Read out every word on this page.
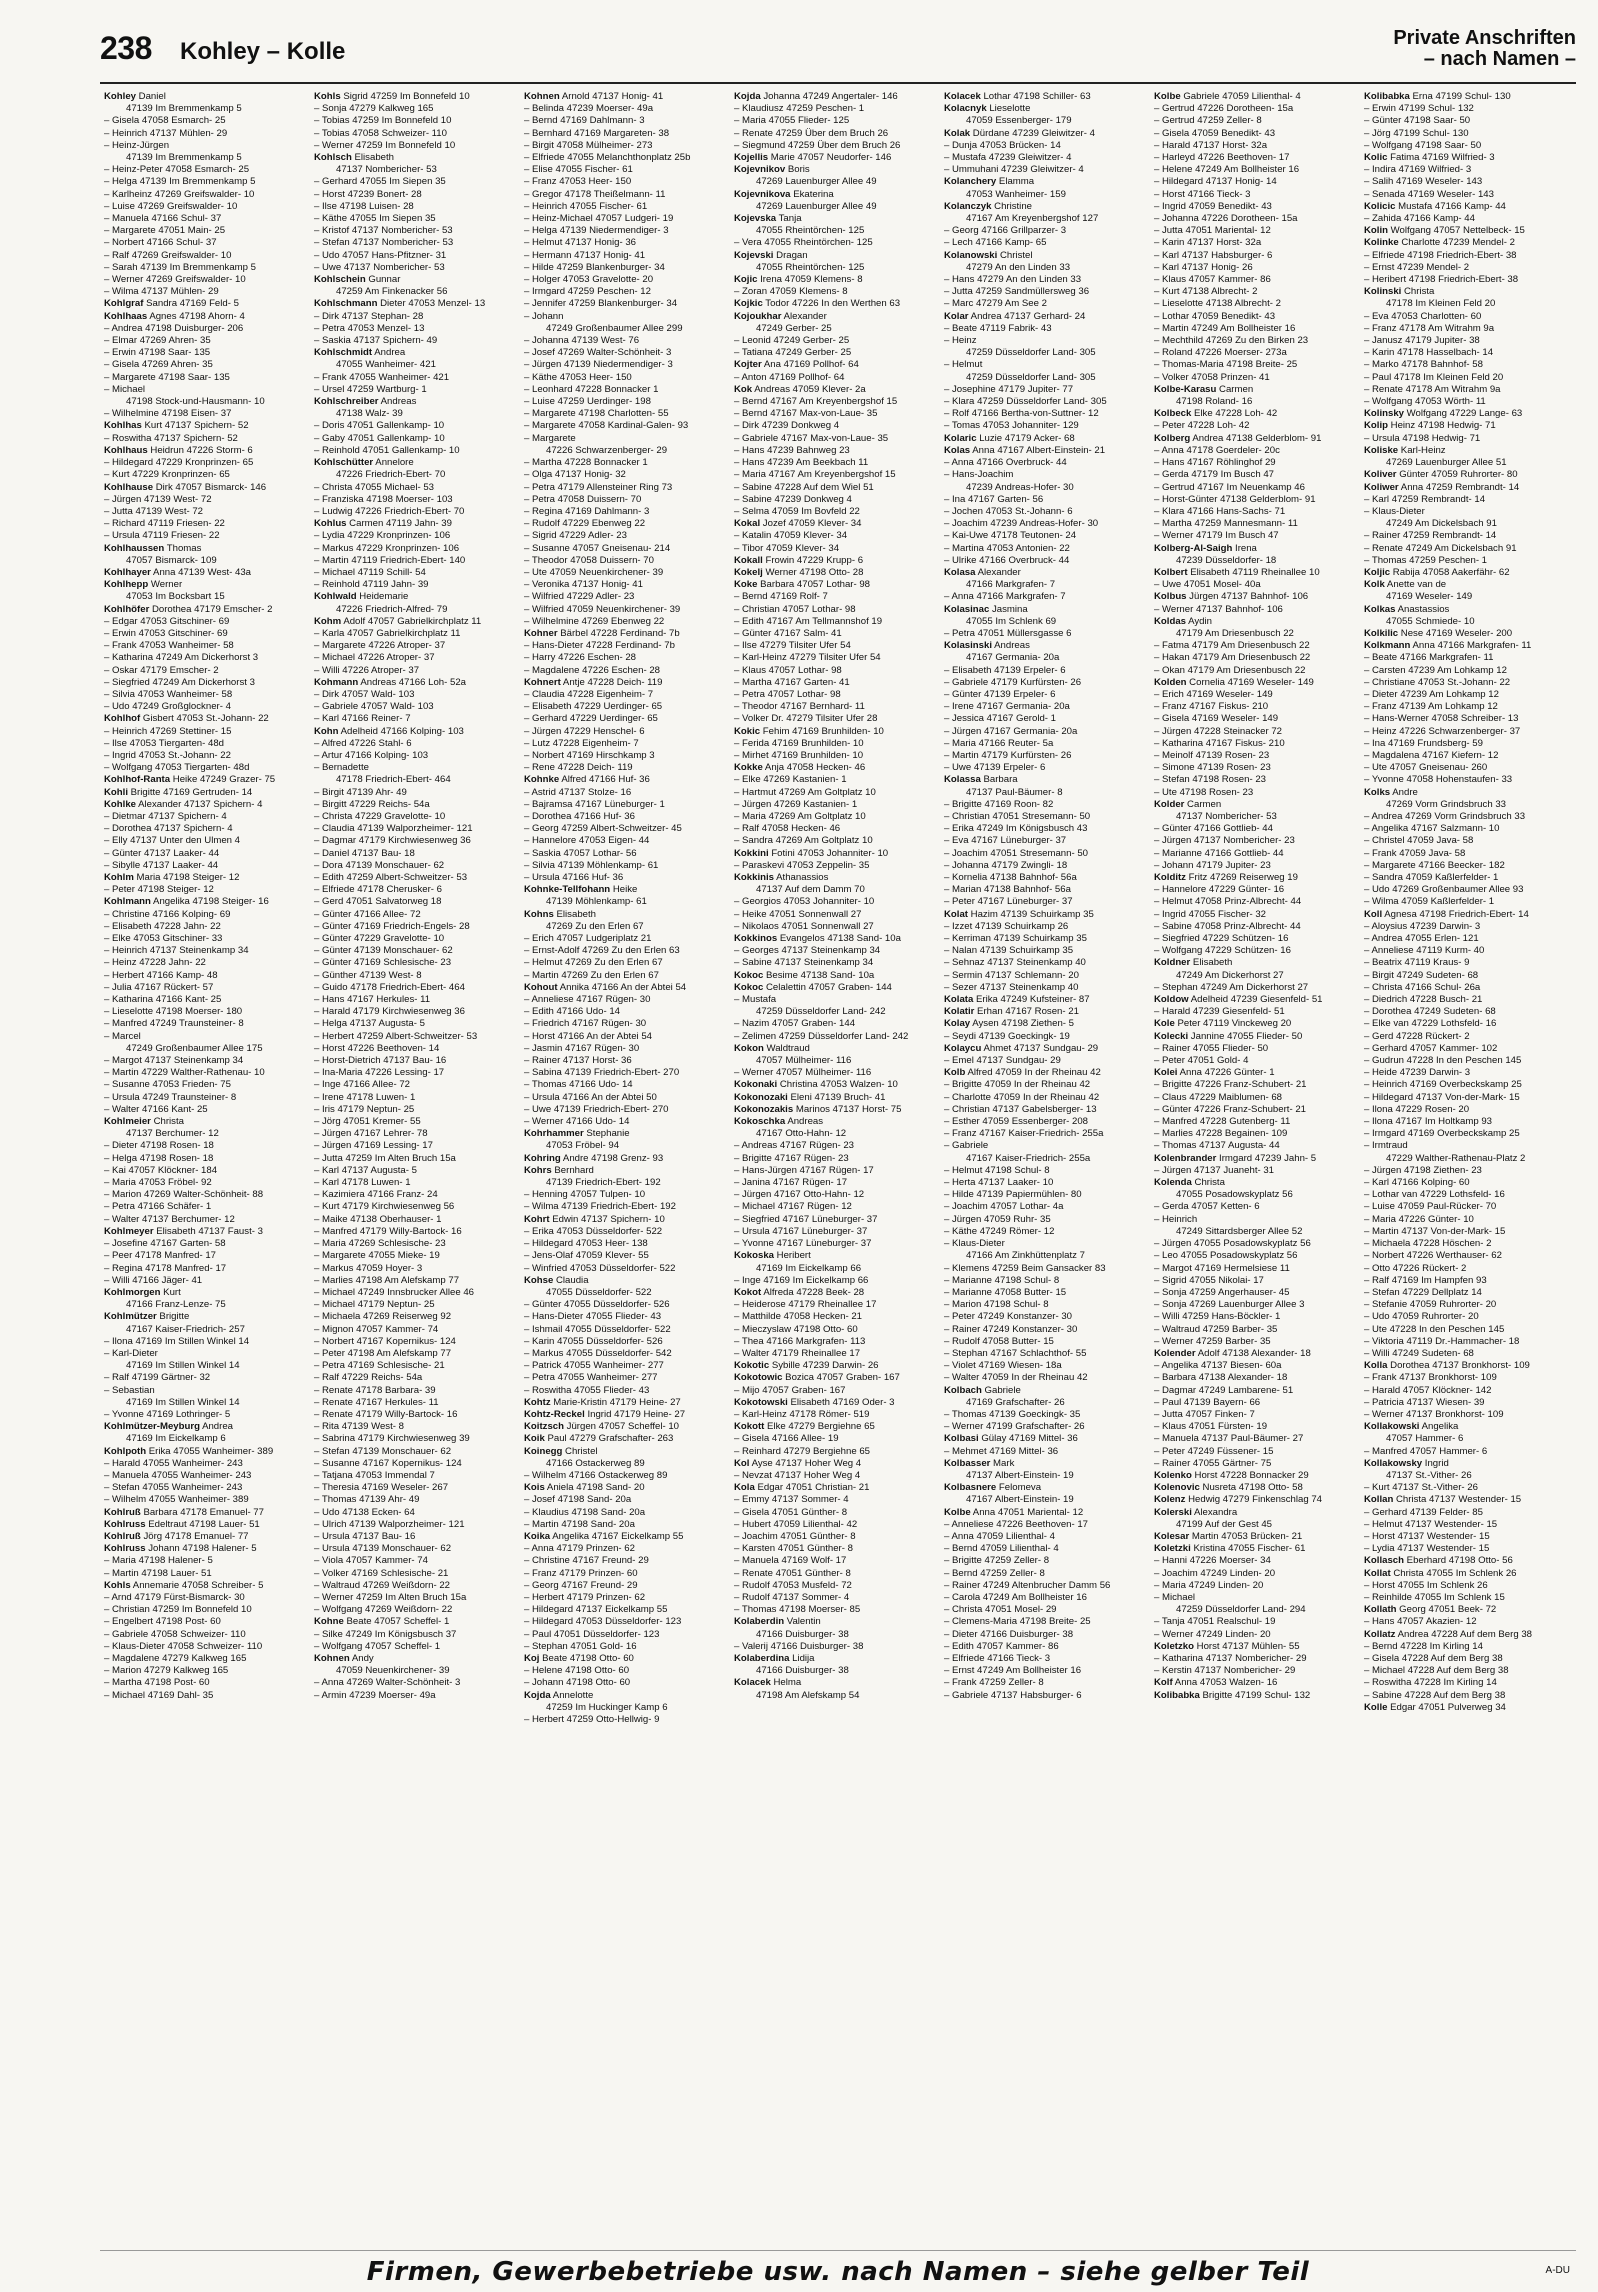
238 Kohley – Kolle	Private Anschriften
– nach Namen –
Kohley Daniel
47139 Im Bremmenkamp 5
– Gisela 47058 Esmarch- 25
– Heinrich 47137 Mühlen- 29
– Heinz-Jürgen
47139 Im Bremmenkamp 5
– Heinz-Peter 47058 Esmarch- 25
– Helga 47139 Im Bremmenkamp 5
– Karlheinz 47269 Greifswalder- 10
– Luise 47269 Greifswalder- 10
– Manuela 47166 Schul- 37
– Margarete 47051 Main- 25
– Norbert 47166 Schul- 37
– Ralf 47269 Greifswalder- 10
– Sarah 47139 Im Bremmenkamp 5
– Werner 47269 Greifswalder- 10
– Wilma 47137 Mühlen- 29
Kohlgraf Sandra 47169 Feld- 5
Kohlhaas Agnes 47198 Ahorn- 4
– Andrea 47198 Duisburger- 206
– Elmar 47269 Ahren- 35
– Erwin 47198 Saar- 135
– Gisela 47269 Ahren- 35
– Margarete 47198 Saar- 135
– Michael
47198 Stock-und-Hausmann- 10
– Wilhelmine 47198 Eisen- 37
Kohlhas Kurt 47137 Spichern- 52
– Roswitha 47137 Spichern- 52
Kohlhaus Heidrun 47226 Storm- 6
– Hildegard 47229 Kronprinzen- 65
– Kurt 47229 Kronprinzen- 65
Kohlhause Dirk 47057 Bismarck- 146
– Jürgen 47139 West- 72
– Jutta 47139 West- 72
– Richard 47119 Friesen- 22
– Ursula 47119 Friesen- 22
Kohlhaussen Thomas
47057 Bismarck- 109
Kohlhayer Anna 47139 West- 43a
Kohlhepp Werner
47053 Im Bocksbart 15
Kohlhöfer Dorothea 47179 Emscher- 2
– Edgar 47053 Gitschiner- 69
– Erwin 47053 Gitschiner- 69
– Frank 47053 Wanheimer- 58
– Katharina 47249 Am Dickerhorst 3
– Oskar 47179 Emscher- 2
– Siegfried 47249 Am Dickerhorst 3
– Silvia 47053 Wanheimer- 58
– Udo 47249 Großglockner- 4
Kohlhof Gisbert 47053 St.-Johann- 22
– Heinrich 47269 Stettiner- 15
– Ilse 47053 Tiergarten- 48d
– Ingrid 47053 St.-Johann- 22
– Wolfgang 47053 Tiergarten- 48d
Kohlhof-Ranta Heike 47249 Grazer- 75
Kohli Brigitte 47169 Gertruden- 14
Kohlke Alexander 47137 Spichern- 4
– Dietmar 47137 Spichern- 4
– Dorothea 47137 Spichern- 4
– Elly 47137 Unter den Ulmen 4
– Günter 47137 Laaker- 44
– Sibylle 47137 Laaker- 44
Kohlm Maria 47198 Steiger- 12
– Peter 47198 Steiger- 12
Kohlmann Angelika 47198 Steiger- 16
– Christine 47166 Kolping- 69
– Elisabeth 47228 Jahn- 22
– Elke 47053 Gitschiner- 33
– Heinrich 47137 Steinenkamp 34
– Heinz 47228 Jahn- 22
– Herbert 47166 Kamp- 48
– Julia 47167 Rückert- 57
– Katharina 47166 Kant- 25
– Lieselotte 47198 Moerser- 180
– Manfred 47249 Traunsteiner- 8
– Marcel
47249 Großenbaumer Allee 175
– Margot 47137 Steinenkamp 34
– Martin 47229 Walther-Rathenau- 10
– Susanne 47053 Frieden- 75
– Ursula 47249 Traunsteiner- 8
– Walter 47166 Kant- 25
Kohlmeier Christa
47137 Berchumer- 12
– Dieter 47198 Rosen- 18
– Helga 47198 Rosen- 18
– Kai 47057 Klöckner- 184
– Maria 47053 Fröbel- 92
– Marion 47269 Walter-Schönheit- 88
– Petra 47166 Schäfer- 1
– Walter 47137 Berchumer- 12
Kohlmeyer Elisabeth 47137 Faust- 3
– Josefine 47167 Garten- 58
– Peer 47178 Manfred- 17
– Regina 47178 Manfred- 17
– Willi 47166 Jäger- 41
Kohlmorgen Kurt
47166 Franz-Lenze- 75
Kohlmützer Brigitte
47167 Kaiser-Friedrich- 257
– Ilona 47169 Im Stillen Winkel 14
– Karl-Dieter
47169 Im Stillen Winkel 14
– Ralf 47199 Gärtner- 32
– Sebastian
47169 Im Stillen Winkel 14
– Yvonne 47169 Lothringer- 5
Kohlmützer-Meyburg Andrea
47169 Im Eickelkamp 6
Kohlpoth Erika 47055 Wanheimer- 389
– Harald 47055 Wanheimer- 243
– Manuela 47055 Wanheimer- 243
– Stefan 47055 Wanheimer- 243
– Wilhelm 47055 Wanheimer- 389
Kohlruß Barbara 47178 Emanuel- 77
Kohlruss Edeltraut 47198 Lauer- 51
Kohlruß Jörg 47178 Emanuel- 77
Kohlruss Johann 47198 Halener- 5
– Maria 47198 Halener- 5
– Martin 47198 Lauer- 51
Kohls Annemarie 47058 Schreiber- 5
– Arnd 47179 Fürst-Bismarck- 30
– Christian 47259 Im Bonnefeld 10
– Engelbert 47198 Post- 60
– Gabriele 47058 Schweizer- 110
– Klaus-Dieter 47058 Schweizer- 110
– Magdalene 47279 Kalkweg 165
– Marion 47279 Kalkweg 165
– Martha 47198 Post- 60
– Michael 47169 Dahl- 35
Kohls Sigrid 47259 Im Bonnefeld 10
– Sonja 47279 Kalkweg 165
– Tobias 47259 Im Bonnefeld 10
– Tobias 47058 Schweizer- 110
– Werner 47259 Im Bonnefeld 10
Kohlsch Elisabeth
47137 Nombericher- 53
– Gerhard 47055 Im Siepen 35
– Horst 47239 Bonert- 28
– Ilse 47198 Luisen- 28
– Käthe 47055 Im Siepen 35
– Kristof 47137 Nombericher- 53
– Stefan 47137 Nombericher- 53
– Udo 47057 Hans-Pfitzner- 31
– Uwe 47137 Nombericher- 53
Kohlschein Gunnar
47259 Am Finkenacker 56
Kohlschmann Dieter 47053 Menzel- 13
– Dirk 47137 Stephan- 28
– Petra 47053 Menzel- 13
– Saskia 47137 Spichern- 49
Kohlschmidt Andrea
47055 Wanheimer- 421
– Frank 47055 Wanheimer- 421
– Ursel 47259 Wartburg- 1
Kohlschreiber Andreas
47138 Walz- 39
– Doris 47051 Gallenkamp- 10
– Gaby 47051 Gallenkamp- 10
– Reinhold 47051 Gallenkamp- 10
Kohlschütter Annelore
47226 Friedrich-Ebert- 70
– Christa 47055 Michael- 53
– Franziska 47198 Moerser- 103
– Ludwig 47226 Friedrich-Ebert- 70
Kohlus Carmen 47119 Jahn- 39
– Lydia 47229 Kronprinzen- 106
– Markus 47229 Kronprinzen- 106
– Martin 47119 Friedrich-Ebert- 140
– Michael 47119 Schill- 54
– Reinhold 47119 Jahn- 39
Kohlwald Heidemarie
47226 Friedrich-Alfred- 79
Kohm Adolf 47057 Gabrielkirchplatz 11
– Karla 47057 Gabrielkirchplatz 11
– Margarete 47226 Atroper- 37
– Michael 47226 Atroper- 37
– Willi 47226 Atroper- 37
Kohmann Andreas 47166 Loh- 52a
– Dirk 47057 Wald- 103
– Gabriele 47057 Wald- 103
– Karl 47166 Reiner- 7
Kohn Adelheid 47166 Kolping- 103
– Alfred 47226 Stahl- 6
– Artur 47166 Kolping- 103
– Bernadette
47178 Friedrich-Ebert- 464
– Birgit 47139 Ahr- 49
– Birgitt 47229 Reichs- 54a
– Christa 47229 Gravelotte- 10
– Claudia 47139 Walporzheimer- 121
– Dagmar 47179 Kirchwiesenweg 36
– Daniel 47137 Bau- 18
– Dora 47139 Monschauer- 62
– Edith 47259 Albert-Schweitzer- 53
– Elfriede 47178 Cherusker- 6
– Gerd 47051 Salvatorweg 18
– Günter 47166 Allee- 72
– Günter 47169 Friedrich-Engels- 28
– Günter 47229 Gravelotte- 10
– Günter 47139 Monschauer- 62
– Günter 47169 Schlesische- 23
– Günther 47139 West- 8
– Guido 47178 Friedrich-Ebert- 464
– Hans 47167 Herkules- 11
– Harald 47179 Kirchwiesenweg 36
– Helga 47137 Augusta- 5
– Herbert 47259 Albert-Schweitzer- 53
– Horst 47226 Beethoven- 14
– Horst-Dietrich 47137 Bau- 16
– Ina-Maria 47226 Lessing- 17
– Inge 47166 Allee- 72
– Irene 47178 Luwen- 1
– Iris 47179 Neptun- 25
– Jörg 47051 Kremer- 55
– Jürgen 47167 Lehrer- 78
– Jürgen 47169 Lessing- 17
– Jutta 47259 Im Alten Bruch 15a
– Karl 47137 Augusta- 5
– Karl 47178 Luwen- 1
– Kazimiera 47166 Franz- 24
– Kurt 47179 Kirchwiesenweg 56
– Maike 47138 Oberhauser- 1
– Manfred 47179 Willy-Bartock- 16
– Maria 47269 Schlesische- 23
– Margarete 47055 Mieke- 19
– Markus 47059 Hoyer- 3
– Marlies 47198 Am Alefskamp 77
– Michael 47249 Innsbrucker Allee 46
– Michael 47179 Neptun- 25
– Michaela 47269 Reiserweg 92
– Mignon 47057 Kammer- 74
– Norbert 47167 Kopernikus- 124
– Peter 47198 Am Alefskamp 77
– Petra 47169 Schlesische- 21
– Ralf 47229 Reichs- 54a
– Renate 47178 Barbara- 39
– Renate 47167 Herkules- 11
– Renate 47179 Willy-Bartock- 16
– Rita 47139 West- 8
– Sabrina 47179 Kirchwiesenweg 39
– Stefan 47139 Monschauer- 62
– Susanne 47167 Kopernikus- 124
– Tatjana 47053 Immendal 7
– Theresia 47169 Weseler- 267
– Thomas 47139 Ahr- 49
– Udo 47138 Ecken- 64
– Ulrich 47139 Walporzheimer- 121
– Ursula 47137 Bau- 16
– Ursula 47139 Monschauer- 62
– Viola 47057 Kammer- 74
– Volker 47169 Schlesische- 21
– Waltraud 47269 Weißdorn- 22
– Werner 47259 Im Alten Bruch 15a
– Wolfgang 47269 Weißdorn- 22
Kohne Beate 47057 Scheffel- 1
– Silke 47249 Im Königsbusch 37
– Wolfgang 47057 Scheffel- 1
Kohnen Andy
47059 Neuenkirchener- 39
– Anna 47269 Walter-Schönheit- 3
– Armin 47239 Moerser- 49a
Kohnen Arnold 47137 Honig- 41
– Belinda 47239 Moerser- 49a
– Bernd 47169 Dahlmann- 3
– Bernhard 47169 Margareten- 38
– Birgit 47058 Mülheimer- 273
– Elfriede 47055 Melanchthonplatz 25b
– Elise 47055 Fischer- 61
– Franz 47053 Heer- 150
– Gregor 47178 Theißelmann- 11
– Heinrich 47055 Fischer- 61
– Heinz-Michael 47057 Ludgeri- 19
– Helga 47139 Niedermendiger- 3
– Helmut 47137 Honig- 36
– Hermann 47137 Honig- 41
– Hilde 47259 Blankenburger- 34
– Holger 47053 Gravelotte- 20
– Irmgard 47259 Peschen- 12
– Jennifer 47259 Blankenburger- 34
– Johann
47249 Großenbaumer Allee 299
– Johanna 47139 West- 76
– Josef 47269 Walter-Schönheit- 3
– Jürgen 47139 Niedermendiger- 3
– Käthe 47053 Heer- 150
– Leonhard 47228 Bonnacker 1
– Luise 47259 Uerdinger- 198
– Margarete 47198 Charlotten- 55
– Margarete 47058 Kardinal-Galen- 93
– Margarete
47226 Schwarzenberger- 29
– Martha 47228 Bonnacker 1
– Olga 47137 Honig- 32
– Petra 47179 Allensteiner Ring 73
– Petra 47058 Duissern- 70
– Regina 47169 Dahlmann- 3
– Rudolf 47229 Ebenweg 22
– Sigrid 47229 Adler- 23
– Susanne 47057 Gneisenau- 214
– Theodor 47058 Duissern- 70
– Ute 47059 Neuenkirchener- 39
– Veronika 47137 Honig- 41
– Wilfried 47229 Adler- 23
– Wilfried 47059 Neuenkirchener- 39
– Wilhelmine 47269 Ebenweg 22
Kohner Bärbel 47228 Ferdinand- 7b
– Hans-Dieter 47228 Ferdinand- 7b
– Harry 47226 Eschen- 28
– Magdalene 47226 Eschen- 28
Kohnert Antje 47228 Deich- 119
– Claudia 47228 Eigenheim- 7
– Elisabeth 47229 Uerdinger- 65
– Gerhard 47229 Uerdinger- 65
– Jürgen 47229 Henschel- 6
– Lutz 47228 Eigenheim- 7
– Norbert 47169 Hirschkamp 3
– Rene 47228 Deich- 119
Kohnke Alfred 47166 Huf- 36
– Astrid 47137 Stolze- 16
– Bajramsa 47167 Lüneburger- 1
– Dorothea 47166 Huf- 36
– Georg 47259 Albert-Schweitzer- 45
– Hannelore 47053 Eigen- 44
– Saskia 47057 Lothar- 56
– Silvia 47139 Möhlenkamp- 61
– Ursula 47166 Huf- 36
Kohnke-Tellfohann Heike
47139 Möhlenkamp- 61
Kohns Elisabeth
47269 Zu den Erlen 67
– Erich 47057 Ludgeriplatz 21
– Ernst-Adolf 47269 Zu den Erlen 63
– Helmut 47269 Zu den Erlen 67
– Martin 47269 Zu den Erlen 67
Kohout Annika 47166 An der Abtei 54
– Anneliese 47167 Rügen- 30
– Edith 47166 Udo- 14
– Friedrich 47167 Rügen- 30
– Horst 47166 An der Abtei 54
– Jasmin 47167 Rügen- 30
– Rainer 47137 Horst- 36
– Sabina 47139 Friedrich-Ebert- 270
– Thomas 47166 Udo- 14
– Ursula 47166 An der Abtei 50
– Uwe 47139 Friedrich-Ebert- 270
– Werner 47166 Udo- 14
Kohrhammer Stephanie
47053 Fröbel- 94
Kohring Andre 47198 Grenz- 93
Kohrs Bernhard
47139 Friedrich-Ebert- 192
– Henning 47057 Tulpen- 10
– Wilma 47139 Friedrich-Ebert- 192
Kohrt Edwin 47137 Spichern- 10
– Erika 47053 Düsseldorfer- 522
– Hildegard 47053 Heer- 138
– Jens-Olaf 47059 Klever- 55
– Winfried 47053 Düsseldorfer- 522
Kohse Claudia
47055 Düsseldorfer- 522
– Günter 47055 Düsseldorfer- 526
– Hans-Dieter 47055 Flieder- 43
– Ishmail 47055 Düsseldorfer- 522
– Karin 47055 Düsseldorfer- 526
– Markus 47055 Düsseldorfer- 542
– Patrick 47055 Wanheimer- 277
– Petra 47055 Wanheimer- 277
– Roswitha 47055 Flieder- 43
Kohtz Marie-Kristin 47179 Heine- 27
Kohtz-Reckel Ingrid 47179 Heine- 27
Koitzsch Jürgen 47057 Scheffel- 10
Koik Paul 47279 Grafschafter- 263
Koinegg Christel
47166 Ostackerweg 89
– Wilhelm 47166 Ostackerweg 89
Kois Aniela 47198 Sand- 20
– Josef 47198 Sand- 20a
– Klaudius 47198 Sand- 20a
– Martin 47198 Sand- 20a
Koika Angelika 47167 Eickelkamp 55
– Anna 47179 Prinzen- 62
– Christine 47167 Freund- 29
– Franz 47179 Prinzen- 60
– Georg 47167 Freund- 29
– Herbert 47179 Prinzen- 62
– Hildegard 47137 Eickelkamp 55
– Hildegard 47053 Düsseldorfer- 123
– Paul 47051 Düsseldorfer- 123
– Stephan 47051 Gold- 16
Koj Beate 47198 Otto- 60
– Helene 47198 Otto- 60
– Johann 47198 Otto- 60
Kojda Annelotte
47259 Im Huckinger Kamp 6
– Herbert 47259 Otto-Hellwig- 9
Kojda Johanna 47249 Angertaler- 146
– Klaudiusz 47259 Peschen- 1
– Maria 47055 Flieder- 125
– Renate 47259 Über dem Bruch 26
– Siegmund 47259 Über dem Bruch 26
Kojellis Marie 47057 Neudorfer- 146
Kojevnikov Boris
47269 Lauenburger Allee 49
Kojevnikova Ekaterina
47269 Lauenburger Allee 49
Kojevska Tanja
47055 Rheintörchen- 125
– Vera 47055 Rheintörchen- 125
Kojevski Dragan
47055 Rheintörchen- 125
Kojic Irena 47059 Klemens- 8
– Zoran 47059 Klemens- 8
Kojkic Todor 47226 In den Werthen 63
Kojoukhar Alexander
47249 Gerber- 25
– Leonid 47249 Gerber- 25
– Tatiana 47249 Gerber- 25
Kojter Ana 47169 Pollhof- 64
– Anton 47169 Pollhof- 64
Kok Andreas 47059 Klever- 2a
– Bernd 47167 Am Kreyenbergshof 15
– Bernd 47167 Max-von-Laue- 35
– Dirk 47239 Donkweg 4
– Gabriele 47167 Max-von-Laue- 35
– Hans 47239 Bahnweg 23
– Hans 47239 Am Beekbach 11
– Maria 47167 Am Kreyenbergshof 15
– Sabine 47228 Auf dem Wiel 51
– Sabine 47239 Donkweg 4
– Selma 47059 Im Bovfeld 22
Kokal Jozef 47059 Klever- 34
– Katalin 47059 Klever- 34
– Tibor 47059 Klever- 34
Kokall Frowin 47229 Krupp- 6
Kokelj Werner 47198 Otto- 28
Koke Barbara 47057 Lothar- 98
– Bernd 47169 Rolf- 7
– Christian 47057 Lothar- 98
– Edith 47167 Am Tellmannshof 19
– Günter 47167 Salm- 41
– Ilse 47279 Tilsiter Ufer 54
– Karl-Heinz 47279 Tilsiter Ufer 54
– Klaus 47057 Lothar- 98
– Martha 47167 Garten- 41
– Petra 47057 Lothar- 98
– Theodor 47167 Bernhard- 11
– Volker Dr. 47279 Tilsiter Ufer 28
Kokic Fehim 47169 Brunhilden- 10
– Ferida 47169 Brunhilden- 10
– Mirhet 47169 Brunhilden- 10
Kokke Anja 47058 Hecken- 46
– Elke 47269 Kastanien- 1
– Hartmut 47269 Am Goltplatz 10
– Jürgen 47269 Kastanien- 1
– Maria 47269 Am Goltplatz 10
– Ralf 47058 Hecken- 46
– Sandra 47269 Am Goltplatz 10
Kokkini Fotini 47053 Johanniter- 10
– Paraskevi 47053 Zeppelin- 35
Kokkinis Athanassios
47137 Auf dem Damm 70
– Georgios 47053 Johanniter- 10
– Heike 47051 Sonnenwall 27
– Nikolaos 47051 Sonnenwall 27
Kokkinos Evangelos 47138 Sand- 10a
– Georges 47137 Steinenkamp 34
– Sabine 47137 Steinenkamp 34
Kokoc Besime 47138 Sand- 10a
Kokoc Celalettin 47057 Graben- 144
– Mustafa
47259 Düsseldorfer Land- 242
– Nazim 47057 Graben- 144
– Zelimen 47259 Düsseldorfer Land- 242
Kokon Waldtraud
47057 Mülheimer- 116
– Werner 47057 Mülheimer- 116
Kokonaki Christina 47053 Walzen- 10
Kokonozaki Eleni 47139 Bruch- 41
Kokonozakis Marinos 47137 Horst- 75
Kokoschka Andreas
47167 Otto-Hahn- 12
– Andreas 47167 Rügen- 23
– Brigitte 47167 Rügen- 23
– Hans-Jürgen 47167 Rügen- 17
– Janina 47167 Rügen- 17
– Jürgen 47167 Otto-Hahn- 12
– Michael 47167 Rügen- 12
– Siegfried 47167 Lüneburger- 37
– Ursula 47167 Lüneburger- 37
– Yvonne 47167 Lüneburger- 37
Kokoska Heribert
47169 Im Eickelkamp 66
– Inge 47169 Im Eickelkamp 66
Kokot Alfreda 47228 Beek- 28
– Heiderose 47179 Rheinallee 17
– Matthilde 47058 Hecken- 21
– Mieczyslaw 47198 Otto- 60
– Thea 47166 Markgrafen- 113
– Walter 47179 Rheinallee 17
Kokotic Sybille 47239 Darwin- 26
Kokotowic Bozica 47057 Graben- 167
– Mijo 47057 Graben- 167
Kokotowski Elisabeth 47169 Oder- 3
– Karl-Heinz 47178 Römer- 519
Kokott Elke 47279 Bergiehne 65
– Gisela 47166 Allee- 19
– Reinhard 47279 Bergiehne 65
Kol Ayse 47137 Hoher Weg 4
– Nevzat 47137 Hoher Weg 4
Kola Edgar 47051 Christian- 21
– Emmy 47137 Sommer- 4
– Gisela 47051 Günther- 8
– Hubert 47059 Lilienthal- 42
– Joachim 47051 Günther- 8
– Karsten 47051 Günther- 8
– Manuela 47169 Wolf- 17
– Renate 47051 Günther- 8
– Rudolf 47053 Musfeld- 72
– Rudolf 47137 Sommer- 4
– Thomas 47198 Moerser- 85
Kolaberdin Valentin
47166 Duisburger- 38
– Valerij 47166 Duisburger- 38
Kolaberdina Lidija
47166 Duisburger- 38
Kolacek Helma
47198 Am Alefskamp 54
Kolacek Lothar 47198 Schiller- 63
Kolacnyk Lieselotte
47059 Essenberger- 179
Kolak Dürdane 47239 Gleiwitzer- 4
– Dunja 47053 Brücken- 14
– Mustafa 47239 Gleiwitzer- 4
– Ummuhani 47239 Gleiwitzer- 4
Kolanchery Elamma
47053 Wanheimer- 159
Kolanczyk Christine
47167 Am Kreyenbergshof 127
– Georg 47166 Grillparzer- 3
– Lech 47166 Kamp- 65
Kolanowski Christel
47279 An den Linden 33
– Hans 47279 An den Linden 33
– Jutta 47259 Sandmüllersweg 36
– Marc 47279 Am See 2
Kolar Andrea 47137 Gerhard- 24
– Beate 47119 Fabrik- 43
– Heinz
47259 Düsseldorfer Land- 305
– Helmut
47259 Düsseldorfer Land- 305
– Josephine 47179 Jupiter- 77
– Klara 47259 Düsseldorfer Land- 305
– Rolf 47166 Bertha-von-Suttner- 12
– Tomas 47053 Johanniter- 129
Kolaric Luzie 47179 Acker- 68
Kolas Anna 47167 Albert-Einstein- 21
– Anna 47166 Overbruck- 44
– Hans-Joachim
47239 Andreas-Hofer- 30
– Ina 47167 Garten- 56
– Jochen 47053 St.-Johann- 6
– Joachim 47239 Andreas-Hofer- 30
– Kai-Uwe 47178 Teutonen- 24
– Martina 47053 Antonien- 22
– Ulrike 47166 Overbruck- 44
Kolasa Alexander
47166 Markgrafen- 7
– Anna 47166 Markgrafen- 7
Kolasinac Jasmina
47055 Im Schlenk 69
– Petra 47051 Müllersgasse 6
Kolasinski Andreas
47167 Germania- 20a
– Elisabeth 47139 Erpeler- 6
– Gabriele 47179 Kurfürsten- 26
– Günter 47139 Erpeler- 6
– Irene 47167 Germania- 20a
– Jessica 47167 Gerold- 1
– Jürgen 47167 Germania- 20a
– Maria 47166 Reuter- 5a
– Martin 47179 Kurfürsten- 26
– Uwe 47139 Erpeler- 6
Kolassa Barbara
47137 Paul-Bäumer- 8
– Brigitte 47169 Roon- 82
– Christian 47051 Stresemann- 50
– Erika 47249 Im Königsbusch 43
– Eva 47167 Lüneburger- 37
– Joachim 47051 Stresemann- 50
– Johanna 47179 Zwingli- 18
– Kornelia 47138 Bahnhof- 56a
– Marian 47138 Bahnhof- 56a
– Peter 47167 Lüneburger- 37
Kolat Hazim 47139 Schuirkamp 35
– Izzet 47139 Schuirkamp 26
– Kerriman 47139 Schuirkamp 35
– Nalan 47139 Schuirkamp 35
– Sehnaz 47137 Steinenkamp 40
– Sermin 47137 Schlemann- 20
– Sezer 47137 Steinenkamp 40
Kolata Erika 47249 Kufsteiner- 87
Kolatir Erhan 47167 Rosen- 21
Kolay Aysen 47198 Ziethen- 5
– Seydi 47139 Goeckingk- 19
Kolaycu Ahmet 47137 Sundgau- 29
– Emel 47137 Sundgau- 29
Kolb Alfred 47059 In der Rheinau 42
– Brigitte 47059 In der Rheinau 42
– Charlotte 47059 In der Rheinau 42
– Christian 47137 Gabelsberger- 13
– Esther 47059 Essenberger- 208
– Franz 47167 Kaiser-Friedrich- 255a
– Gabriele
47167 Kaiser-Friedrich- 255a
– Helmut 47198 Schul- 8
– Herta 47137 Laaker- 10
– Hilde 47139 Papiermühlen- 80
– Joachim 47057 Lothar- 4a
– Jürgen 47059 Ruhr- 35
– Käthe 47249 Römer- 12
– Klaus-Dieter
47166 Am Zinkhüttenplatz 7
– Klemens 47259 Beim Gansacker 83
– Marianne 47198 Schul- 8
– Marianne 47058 Butter- 15
– Marion 47198 Schul- 8
– Peter 47249 Konstanzer- 30
– Rainer 47249 Konstanzer- 30
– Rudolf 47058 Butter- 15
– Stephan 47167 Schlachthof- 55
– Violet 47169 Wiesen- 18a
– Walter 47059 In der Rheinau 42
Kolbach Gabriele
47169 Grafschafter- 26
– Thomas 47139 Goeckingk- 35
– Werner 47199 Grafschafter- 26
Kolbasi Gülay 47169 Mittel- 36
– Mehmet 47169 Mittel- 36
Kolbasser Mark
47137 Albert-Einstein- 19
Kolbasnere Felomeva
47167 Albert-Einstein- 19
Kolbe Anna 47051 Mariental- 12
– Anneliese 47226 Beethoven- 17
– Anna 47059 Lilienthal- 4
– Bernd 47059 Lilienthal- 4
– Brigitte 47259 Zeller- 8
– Bernd 47259 Zeller- 8
– Rainer 47249 Altenbrucher Damm 56
– Carola 47249 Am Bollheister 16
– Christa 47051 Mosel- 29
– Clemens-Maria 47198 Breite- 25
– Dieter 47166 Duisburger- 38
– Edith 47057 Kammer- 86
– Elfriede 47166 Tieck- 3
– Ernst 47249 Am Bollheister 16
– Frank 47259 Zeller- 8
– Gabriele 47137 Habsburger- 6
Kolbe Gabriele 47059 Lilienthal- 4
– Gertrud 47226 Dorotheen- 15a
– Gertrud 47259 Zeller- 8
– Gisela 47059 Benedikt- 43
– Harald 47137 Horst- 32a
– Harleyd 47226 Beethoven- 17
– Helene 47249 Am Bollheister 16
– Hildegard 47137 Honig- 14
– Horst 47166 Tieck- 3
– Ingrid 47059 Benedikt- 43
– Johanna 47226 Dorotheen- 15a
– Jutta 47051 Mariental- 12
– Karin 47137 Horst- 32a
– Karl 47137 Habsburger- 6
– Karl 47137 Honig- 26
– Klaus 47057 Kammer- 86
– Kurt 47138 Albrecht- 2
– Lieselotte 47138 Albrecht- 2
– Lothar 47059 Benedikt- 43
– Martin 47249 Am Bollheister 16
– Mechthild 47269 Zu den Birken 23
– Roland 47226 Moerser- 273a
– Thomas-Maria 47198 Breite- 25
– Volker 47058 Prinzen- 41
Kolbe-Karasu Carmen
47198 Roland- 16
Kolbeck Elke 47228 Loh- 42
– Peter 47228 Loh- 42
Kolberg Andrea 47138 Gelderblom- 91
– Anna 47178 Goerdeler- 20c
– Hans 47167 Röhlinghof 29
– Gerda 47179 Im Busch 47
– Gertrud 47167 Im Neuenkamp 46
– Horst-Günter 47138 Gelderblom- 91
– Klara 47166 Hans-Sachs- 71
– Martha 47259 Mannesmann- 11
– Werner 47179 Im Busch 47
Kolberg-Al-Saigh Irena
47239 Düsseldorfer- 18
Kolbert Elisabeth 47119 Rheinallee 10
– Uwe 47051 Mosel- 40a
Kolbus Jürgen 47137 Bahnhof- 106
– Werner 47137 Bahnhof- 106
Koldas Aydin
47179 Am Driesenbusch 22
– Fatma 47179 Am Driesenbusch 22
– Hakan 47179 Am Driesenbusch 22
– Okan 47179 Am Driesenbusch 22
Kolden Cornelia 47169 Weseler- 149
– Erich 47169 Weseler- 149
– Franz 47167 Fiskus- 210
– Gisela 47169 Weseler- 149
– Jürgen 47228 Steinacker 72
– Katharina 47167 Fiskus- 210
– Meinolf 47139 Rosen- 23
– Simone 47139 Rosen- 23
– Stefan 47198 Rosen- 23
– Ute 47198 Rosen- 23
Kolder Carmen
47137 Nombericher- 53
– Günter 47166 Gottlieb- 44
– Jürgen 47137 Nombericher- 23
– Marianne 47166 Gottlieb- 44
– Johann 47179 Jupiter- 23
Kolditz Fritz 47269 Reiserweg 19
– Hannelore 47229 Günter- 16
– Helmut 47058 Prinz-Albrecht- 44
– Ingrid 47055 Fischer- 32
– Sabine 47058 Prinz-Albrecht- 44
– Siegfried 47229 Schützen- 16
– Wolfgang 47229 Schützen- 16
Koldner Elisabeth
47249 Am Dickerhorst 27
– Stephan 47249 Am Dickerhorst 27
Koldow Adelheid 47239 Giesenfeld- 51
– Harald 47239 Giesenfeld- 51
Kole Peter 47119 Vinckeweg 20
Kolecki Jannine 47055 Flieder- 50
– Rainer 47055 Flieder- 50
– Peter 47051 Gold- 4
Kolei Anna 47226 Günter- 1
– Brigitte 47226 Franz-Schubert- 21
– Claus 47229 Maiblumen- 68
– Günter 47226 Franz-Schubert- 21
– Manfred 47228 Gutenberg- 11
– Marlies 47228 Begainen- 109
– Thomas 47137 Augusta- 44
Kolenbrander Irmgard 47239 Jahn- 5
– Jürgen 47137 Juaneht- 31
Kolenda Christa
47055 Posadowskyplatz 56
– Gerda 47057 Ketten- 6
– Heinrich
47249 Sittardsberger Allee 52
– Jürgen 47055 Posadowskyplatz 56
– Leo 47055 Posadowskyplatz 56
– Margot 47169 Hermelsiese 11
– Sigrid 47055 Nikolai- 17
– Sonja 47259 Angerhauser- 45
– Sonja 47269 Lauenburger Allee 3
– Willi 47259 Hans-Böckler- 1
– Waltraud 47259 Barber- 35
– Werner 47259 Barber- 35
Kolender Adolf 47138 Alexander- 18
– Angelika 47137 Biesen- 60a
– Barbara 47138 Alexander- 18
– Dagmar 47249 Lambarene- 51
– Paul 47139 Bayern- 66
– Jutta 47057 Finken- 7
– Klaus 47051 Fürsten- 19
– Manuela 47137 Paul-Bäumer- 27
– Peter 47249 Füssener- 15
– Rainer 47055 Gärtner- 75
Kolenko Horst 47228 Bonnacker 29
Kolenovic Nusreta 47198 Otto- 58
Kolenz Hedwig 47279 Finkenschlag 74
Kolerski Alexandra
47199 Auf der Gest 45
Kolesar Martin 47053 Brücken- 21
Koletzki Kristina 47055 Fischer- 61
– Hanni 47226 Moerser- 34
– Joachim 47249 Linden- 20
– Maria 47249 Linden- 20
– Michael
47259 Düsseldorfer Land- 294
– Tanja 47051 Realschul- 19
– Werner 47249 Linden- 20
Koletzko Horst 47137 Mühlen- 55
– Katharina 47137 Nombericher- 29
– Kerstin 47137 Nombericher- 29
Kolf Anna 47053 Walzen- 16
Kolibabka Brigitte 47199 Schul- 132
Kolibabka Erna 47199 Schul- 130
– Erwin 47199 Schul- 132
– Günter 47198 Saar- 50
– Jörg 47199 Schul- 130
– Wolfgang 47198 Saar- 50
Kolic Fatima 47169 Wilfried- 3
– Indira 47169 Wilfried- 3
– Salih 47169 Weseler- 143
– Senada 47169 Weseler- 143
Kolicic Mustafa 47166 Kamp- 44
– Zahida 47166 Kamp- 44
Kolin Wolfgang 47057 Nettelbeck- 15
Kolinke Charlotte 47239 Mendel- 2
– Elfriede 47198 Friedrich-Ebert- 38
– Ernst 47239 Mendel- 2
– Heribert 47198 Friedrich-Ebert- 38
Kolinski Christa
47178 Im Kleinen Feld 20
– Eva 47053 Charlotten- 60
– Franz 47178 Am Witrahm 9a
– Janusz 47179 Jupiter- 38
– Karin 47178 Hasselbach- 14
– Marko 47178 Bahnhof- 58
– Paul 47178 Im Kleinen Feld 20
– Renate 47178 Am Witrahm 9a
– Wolfgang 47053 Wörth- 11
Kolinsky Wolfgang 47229 Lange- 63
Kolip Heinz 47198 Hedwig- 71
– Ursula 47198 Hedwig- 71
Koliske Karl-Heinz
47269 Lauenburger Allee 51
Koliver Günter 47059 Ruhrorter- 80
Koliwer Anna 47259 Rembrandt- 14
– Karl 47259 Rembrandt- 14
– Klaus-Dieter
47249 Am Dickelsbach 91
– Rainer 47259 Rembrandt- 14
– Renate 47249 Am Dickelsbach 91
– Thomas 47259 Peschen- 1
Koljic Rabija 47058 Aakerfähr- 62
Kolk Anette van de
47169 Weseler- 149
Kolkas Anastassios
47055 Schmiede- 10
Kolkilic Nese 47169 Weseler- 200
Kolkmann Anna 47166 Markgrafen- 11
– Beate 47166 Markgrafen- 11
– Carsten 47239 Am Lohkamp 12
– Christiane 47053 St.-Johann- 22
– Dieter 47239 Am Lohkamp 12
– Franz 47139 Am Lohkamp 12
– Hans-Werner 47058 Schreiber- 13
– Heinz 47226 Schwarzenberger- 37
– Ina 47169 Frundsberg- 59
– Magdalena 47167 Kiefern- 12
– Ute 47057 Gneisenau- 260
– Yvonne 47058 Hohenstaufen- 33
Kolks Andre
47269 Vorm Grindsbruch 33
– Andrea 47269 Vorm Grindsbruch 33
– Angelika 47167 Salzmann- 10
– Christel 47059 Java- 58
– Frank 47059 Java- 58
– Margarete 47166 Beecker- 182
– Sandra 47059 Kaßlerfelder- 1
– Udo 47269 Großenbaumer Allee 93
– Wilma 47059 Kaßlerfelder- 1
Koll Agnesa 47198 Friedrich-Ebert- 14
– Aloysius 47239 Darwin- 3
– Andrea 47055 Erlen- 121
– Anneliese 47119 Kurm- 40
– Beatrix 47119 Kraus- 9
– Birgit 47249 Sudeten- 68
– Christa 47166 Schul- 26a
– Diedrich 47228 Busch- 21
– Dorothea 47249 Sudeten- 68
– Elke van 47229 Lothsfeld- 16
– Gerd 47228 Rückert- 2
– Gerhard 47057 Kammer- 102
– Gudrun 47228 In den Peschen 145
– Heide 47239 Darwin- 3
– Heinrich 47169 Overbeckskamp 25
– Hildegard 47137 Von-der-Mark- 15
– Ilona 47229 Rosen- 20
– Ilona 47167 Im Holtkamp 93
– Irmgard 47169 Overbeckskamp 25
– Irmtraud
47229 Walther-Rathenau-Platz 2
– Jürgen 47198 Ziethen- 23
– Karl 47166 Kolping- 60
– Lothar van 47229 Lothsfeld- 16
– Luise 47059 Paul-Rücker- 70
– Maria 47226 Günter- 10
– Martin 47137 Von-der-Mark- 15
– Michaela 47228 Höschen- 2
– Norbert 47226 Werthauser- 62
– Otto 47226 Rückert- 2
– Ralf 47169 Im Hampfen 93
– Stefan 47229 Dellplatz 14
– Stefanie 47059 Ruhrorter- 20
– Udo 47059 Ruhrorter- 20
– Ute 47228 In den Peschen 145
– Viktoria 47119 Dr.-Hammacher- 18
– Willi 47249 Sudeten- 68
Kolla Dorothea 47137 Bronkhorst- 109
– Frank 47137 Bronkhorst- 109
– Harald 47057 Klöckner- 142
– Patricia 47137 Wiesen- 39
– Werner 47137 Bronkhorst- 109
Kollakowski Angelika
47057 Hammer- 6
– Manfred 47057 Hammer- 6
Kollakowsky Ingrid
47137 St.-Vither- 26
– Kurt 47137 St.-Vither- 26
Kollan Christa 47137 Westender- 15
– Gerhard 47139 Felder- 85
– Helmut 47137 Westender- 15
– Horst 47137 Westender- 15
– Lydia 47137 Westender- 15
Kollasch Eberhard 47198 Otto- 56
Kollat Christa 47055 Im Schlenk 26
– Horst 47055 Im Schlenk 26
– Reinhilde 47055 Im Schlenk 15
Kollath Georg 47051 Beek- 72
– Hans 47057 Akazien- 12
Kollatz Andrea 47228 Auf dem Berg 38
– Bernd 47228 Im Kirling 14
– Gisela 47228 Auf dem Berg 38
– Michael 47228 Auf dem Berg 38
– Roswitha 47228 Im Kirling 14
– Sabine 47228 Auf dem Berg 38
Kolle Edgar 47051 Pulverweg 34
Firmen, Gewerbebetriebe usw. nach Namen – siehe gelber Teil	A-DU
